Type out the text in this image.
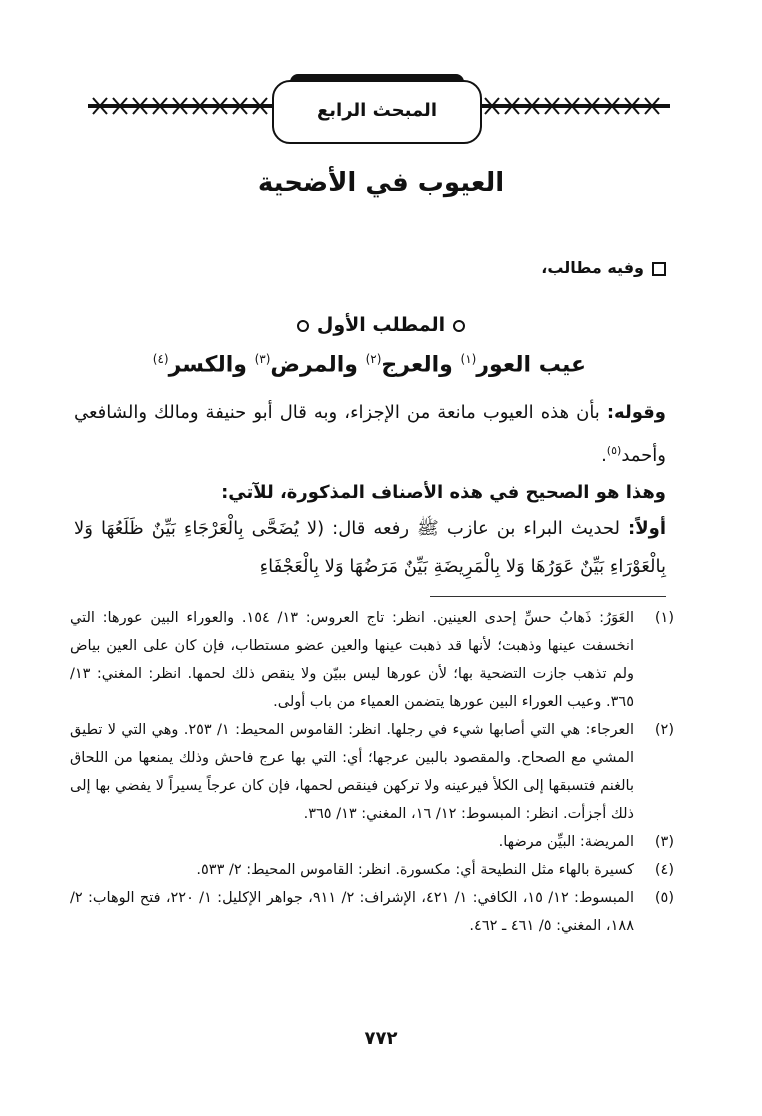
المبحث الرابع
العيوب في الأضحية
وفيه مطالب،
المطلب الأول
عيب العور$^{(١)}$ والعرج$^{(٢)}$ والمرض$^{(٣)}$ والكسر$^{(٤)}$
وقوله: بأن هذه العيوب مانعة من الإجزاء، وبه قال أبو حنيفة ومالك والشافعي وأحمد$^{(٥)}$.
وهذا هو الصحيح في هذه الأصناف المذكورة، للآتي:
أولاً: لحديث البراء بن عازب ﷺ رفعه قال: (لا يُضَحَّى بِالْعَرْجَاءِ بَيِّنٌ ظَلَعُهَا وَلا بِالْعَوْرَاءِ بَيِّنٌ عَوَرُهَا وَلا بِالْمَرِيضَةِ بَيِّنٌ مَرَضُهَا وَلا بِالْعَجْفَاءِ
(١)
العَوَرُ: ذَهابُ حسِّ إحدى العينين. انظر: تاج العروس: ١٣/ ١٥٤. والعوراء البين عورها: التي انخسفت عينها وذهبت؛ لأنها قد ذهبت عينها والعين عضو مستطاب، فإن كان على العين بياض ولم تذهب جازت التضحية بها؛ لأن عورها ليس ببيّن ولا ينقص ذلك لحمها. انظر: المغني: ١٣/ ٣٦٥. وعيب العوراء البين عورها يتضمن العمياء من باب أولى.
(٢)
العرجاء: هي التي أصابها شيء في رجلها. انظر: القاموس المحيط: ١/ ٢٥٣. وهي التي لا تطيق المشي مع الصحاح. والمقصود بالبين عرجها؛ أي: التي بها عرج فاحش وذلك يمنعها من اللحاق بالغنم فتسبقها إلى الكلأ فيرعينه ولا تركهن فينقص لحمها، فإن كان عرجاً يسيراً لا يفضي بها إلى ذلك أجزأت. انظر: المبسوط: ١٢/ ١٦، المغني: ١٣/ ٣٦٥.
(٣)
المريضة: البيِّن مرضها.
(٤)
كسيرة بالهاء مثل النطيحة أي: مكسورة. انظر: القاموس المحيط: ٢/ ٥٣٣.
(٥)
المبسوط: ١٢/ ١٥، الكافي: ١/ ٤٢١، الإشراف: ٢/ ٩١١، جواهر الإكليل: ١/ ٢٢٠، فتح الوهاب: ٢/ ١٨٨، المغني: ٥/ ٤٦١ ـ ٤٦٢.
٧٧٢
